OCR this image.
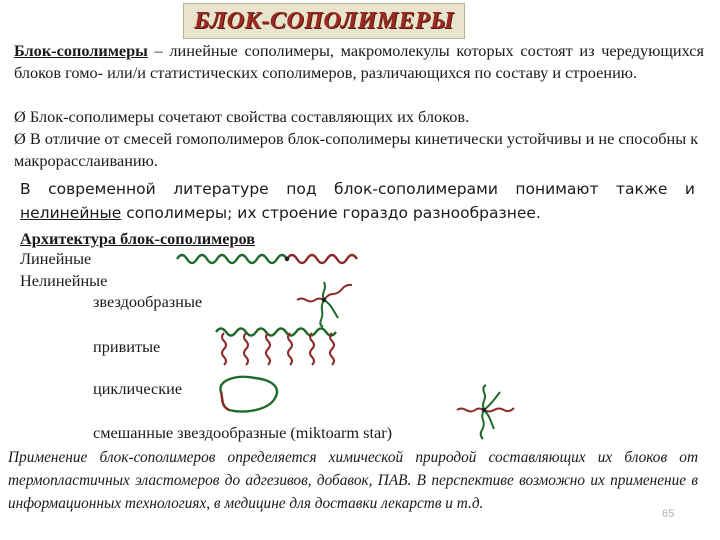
БЛОК-СОПОЛИМЕРЫ
Блок-сополимеры – линейные сополимеры, макромолекулы которых состоят из чередующихся блоков гомо- или/и статистических сополимеров, различающихся по составу и строению.
Ø Блок-сополимеры сочетают свойства составляющих их блоков.
Ø В отличие от смесей гомополимеров блок-сополимеры кинетически устойчивы и не способны к макрорасслаиванию.
В современной литературе под блок-сополимерами понимают также и нелинейные сополимеры; их строение гораздо разнообразнее.
Архитектура блок-сополимеров
Линейные
Нелинейные
звездообразные
привитые
циклические
смешанные звездообразные (miktoarm star)
Применение блок-сополимеров определяется химической природой составляющих их блоков от термопластичных эластомеров до адгезивов, добавок, ПАВ. В перспективе возможно их применение в информационных технологиях, в медицине для доставки лекарств и т.д.
65
